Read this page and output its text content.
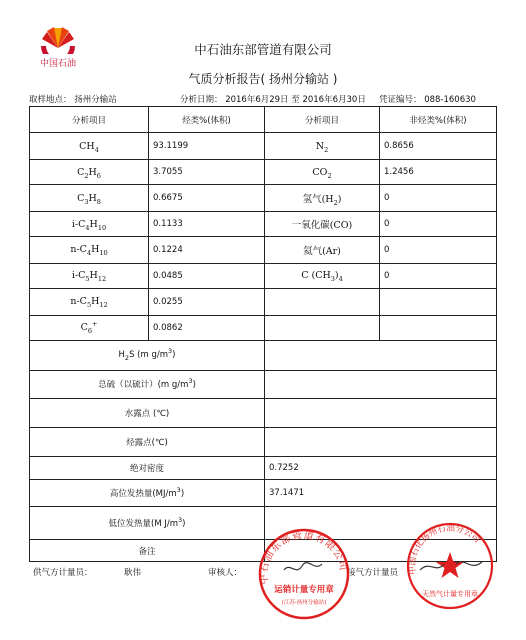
中国石油
中石油东部管道有限公司
气质分析报告( 扬州分输站 )
取样地点： 扬州分输站	分析日期： 2016年6月29日 至 2016年6月30日 凭证编号： 088-160630
分析项目	烃类%(体积)	分析项目	非烃类%(体积)
$CH_4$	93.1199	$N_2$	0.8656
$C_2H_6$	3.7055	$CO_2$	1.2456
$C_3H_8$	0.6675	氢气$(H_2)$	0
$i-C_4H_{10}$	0.1133	一氧化碳(CO)	0
$n-C_4H_{10}$	0.1224	氦气(Ar)	0
$i-C_5H_{12}$	0.0485	C $(CH_3)_4$	0
$n-C_5H_{12}$	0.0255		
$C_6^+$	0.0862		
$H_2S$ (m $g/m^3$)			
总硫（以硫计）(m $g/m^3$)			
水露点 (℃)			
烃露点(℃)			
绝对密度		0.7252	
高位发热量$(MJ/m^3)$		37.1471	
低位发热量(M $J/m^3$)			
备注			
供气方计量员：	耿伟	审核人：	接气方计量员
中石油东部管道有限公司
运销计量专用章
(江苏-扬州分输站)
中国石化扬州石油分公司
天然气计量专用章
